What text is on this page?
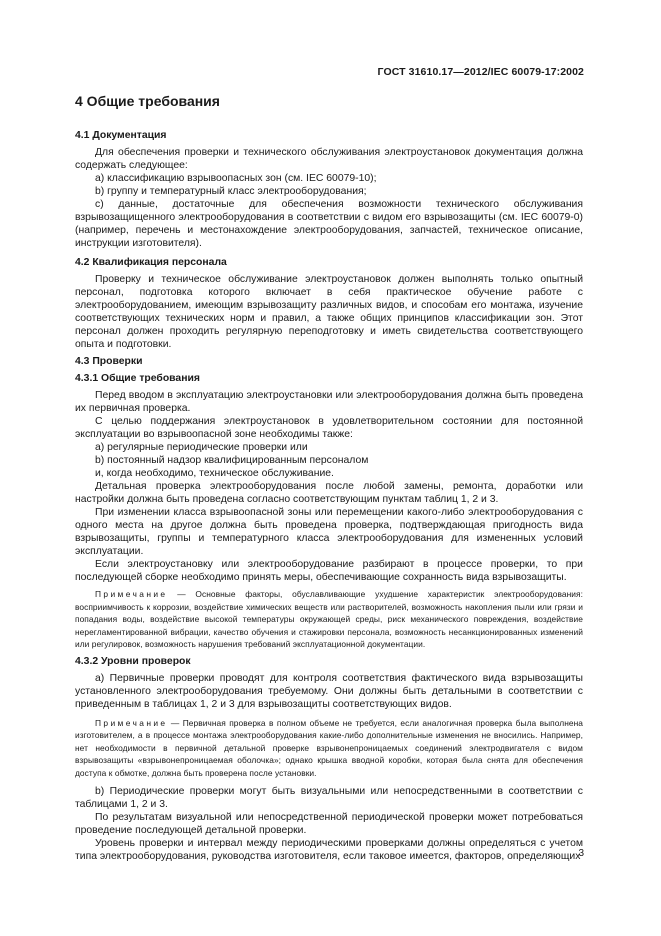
ГОСТ 31610.17—2012/IEC 60079-17:2002
4 Общие требования
4.1 Документация

Для обеспечения проверки и технического обслуживания электроустановок документация должна содержать следующее:

а) классификацию взрывоопасных зон (см. IEC 60079-10);

b) группу и температурный класс электрооборудования;

c) данные, достаточные для обеспечения возможности технического обслуживания взрывозащищенного электрооборудования в соответствии с видом его взрывозащиты (см. IEC 60079-0) (например, перечень и местонахождение электрооборудования, запчастей, техническое описание, инструкции изготовителя).

4.2 Квалификация персонала

Проверку и техническое обслуживание электроустановок должен выполнять только опытный персонал, подготовка которого включает в себя практическое обучение работе с электрооборудованием, имеющим взрывозащиту различных видов, и способам его монтажа, изучение соответствующих технических норм и правил, а также общих принципов классификации зон. Этот персонал должен проходить регулярную переподготовку и иметь свидетельства соответствующего опыта и подготовки.

4.3 Проверки
4.3.1 Общие требования

Перед вводом в эксплуатацию электроустановки или электрооборудования должна быть проведена их первичная проверка.

С целью поддержания электроустановок в удовлетворительном состоянии для постоянной эксплуатации во взрывоопасной зоне необходимы также:

а) регулярные периодические проверки или

b) постоянный надзор квалифицированным персоналом

и, когда необходимо, техническое обслуживание.

Детальная проверка электрооборудования после любой замены, ремонта, доработки или настройки должна быть проведена согласно соответствующим пунктам таблиц 1, 2 и 3.

При изменении класса взрывоопасной зоны или перемещении какого-либо электрооборудования с одного места на другое должна быть проведена проверка, подтверждающая пригодность вида взрывозащиты, группы и температурного класса электрооборудования для измененных условий эксплуатации.

Если электроустановку или электрооборудование разбирают в процессе проверки, то при последующей сборке необходимо принять меры, обеспечивающие сохранность вида взрывозащиты.

Примечание — Основные факторы, обуславливающие ухудшение характеристик электрооборудования: восприимчивость к коррозии, воздействие химических веществ или растворителей, возможность накопления пыли или грязи и попадания воды, воздействие высокой температуры окружающей среды, риск механического повреждения, воздействие нерегламентированной вибрации, качество обучения и стажировки персонала, возможность несанкционированных изменений или регулировок, возможность нарушения требований эксплуатационной документации.

4.3.2 Уровни проверок

а) Первичные проверки проводят для контроля соответствия фактического вида взрывозащиты установленного электрооборудования требуемому. Они должны быть детальными в соответствии с приведенным в таблицах 1, 2 и 3 для взрывозащиты соответствующих видов.

Примечание — Первичная проверка в полном объеме не требуется, если аналогичная проверка была выполнена изготовителем, а в процессе монтажа электрооборудования какие-либо дополнительные изменения не вносились. Например, нет необходимости в первичной детальной проверке взрывонепроницаемых соединений электродвигателя с видом взрывозащиты «взрывонепроницаемая оболочка»; однако крышка вводной коробки, которая была снята для обеспечения доступа к обмотке, должна быть проверена после установки.

b) Периодические проверки могут быть визуальными или непосредственными в соответствии с таблицами 1, 2 и 3.

По результатам визуальной или непосредственной периодической проверки может потребоваться проведение последующей детальной проверки.

Уровень проверки и интервал между периодическими проверками должны определяться с учетом типа электрооборудования, руководства изготовителя, если таковое имеется, факторов, определяющих

3
